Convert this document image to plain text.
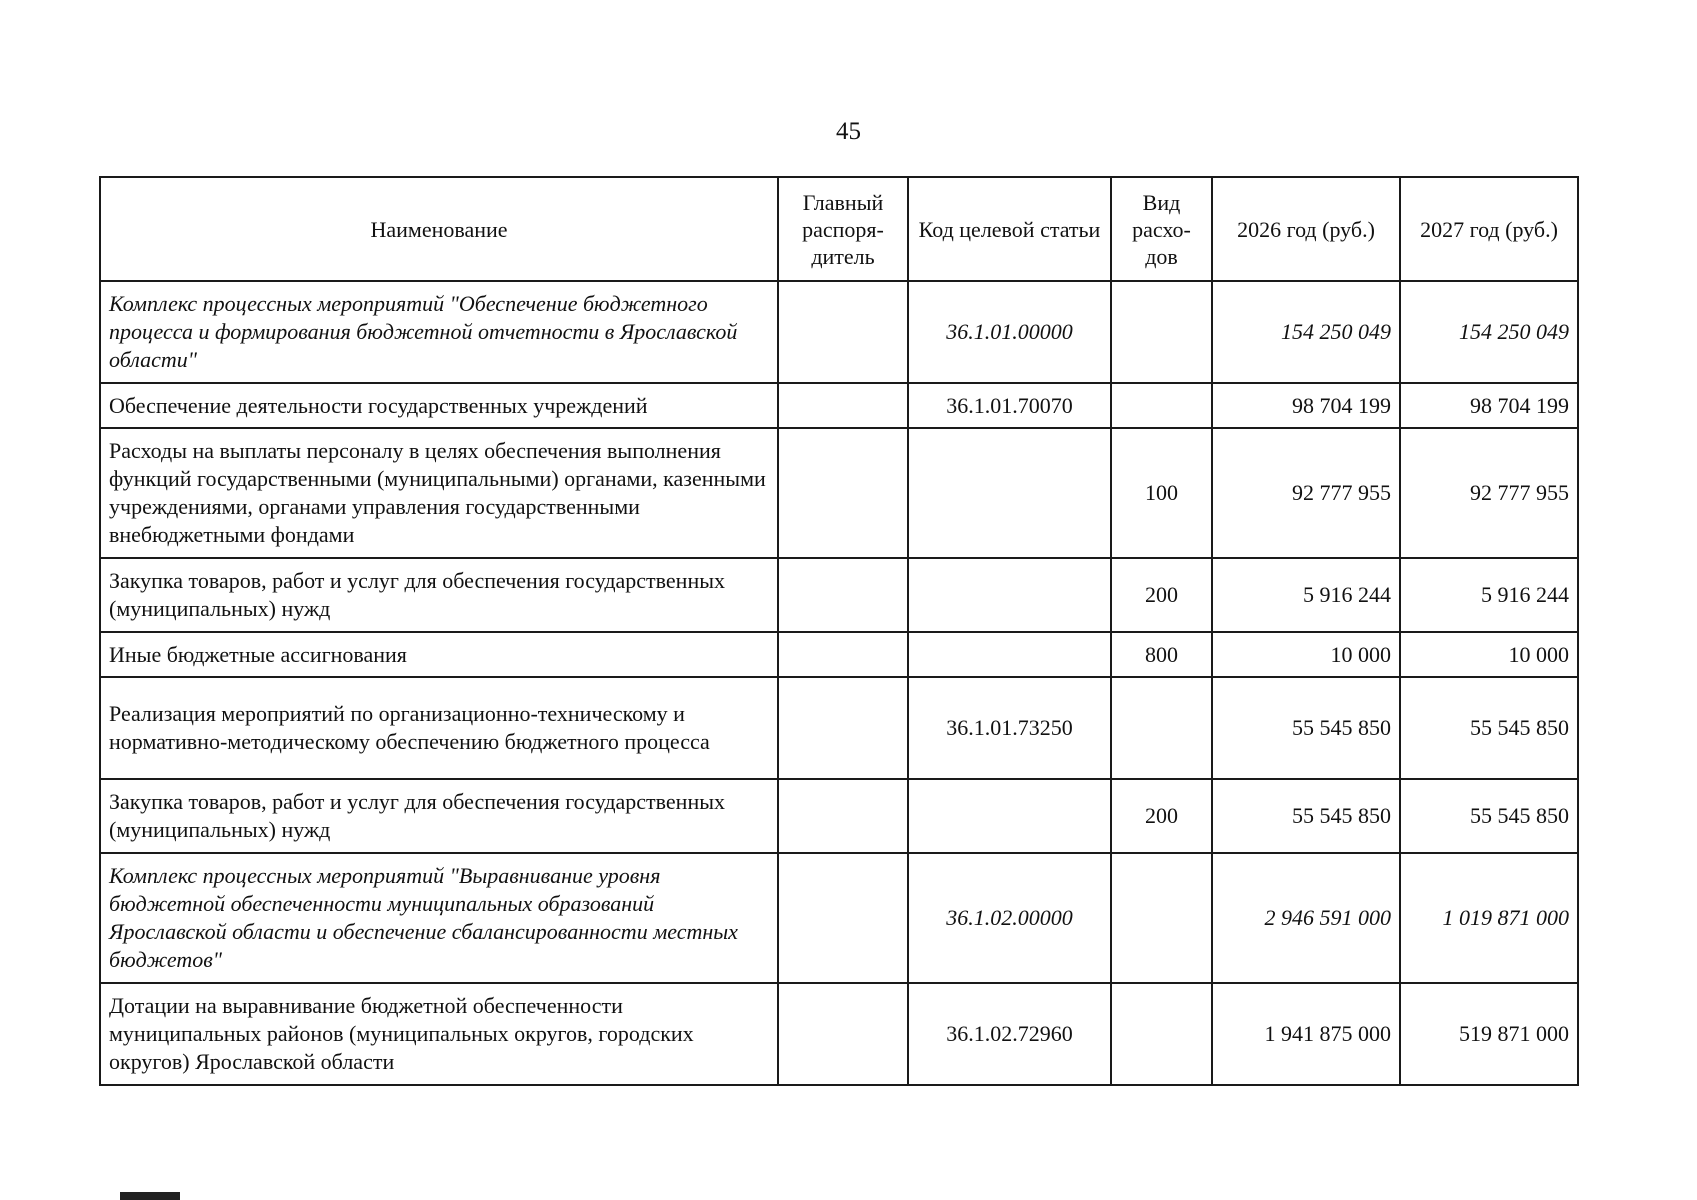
45
Наименование	Главный распоря-дитель	Код целевой статьи	Вид расхо-дов	2026 год (руб.)	2027 год (руб.)
Комплекс процессных мероприятий "Обеспечение бюджетного процесса и формирования бюджетной отчетности в Ярославской области"		36.1.01.00000		154 250 049	154 250 049
Обеспечение деятельности государственных учреждений		36.1.01.70070		98 704 199	98 704 199
Расходы на выплаты персоналу в целях обеспечения выполнения функций государственными (муниципальными) органами, казенными учреждениями, органами управления государственными внебюджетными фондами			100	92 777 955	92 777 955
Закупка товаров, работ и услуг для обеспечения государственных (муниципальных) нужд			200	5 916 244	5 916 244
Иные бюджетные ассигнования			800	10 000	10 000
Реализация мероприятий по организационно-техническому и нормативно-методическому обеспечению бюджетного процесса		36.1.01.73250		55 545 850	55 545 850
Закупка товаров, работ и услуг для обеспечения государственных (муниципальных) нужд			200	55 545 850	55 545 850
Комплекс процессных мероприятий "Выравнивание уровня бюджетной обеспеченности муниципальных образований Ярославской области и обеспечение сбалансированности местных бюджетов"		36.1.02.00000		2 946 591 000	1 019 871 000
Дотации на выравнивание бюджетной обеспеченности муниципальных районов (муниципальных округов, городских округов) Ярославской области		36.1.02.72960		1 941 875 000	519 871 000
